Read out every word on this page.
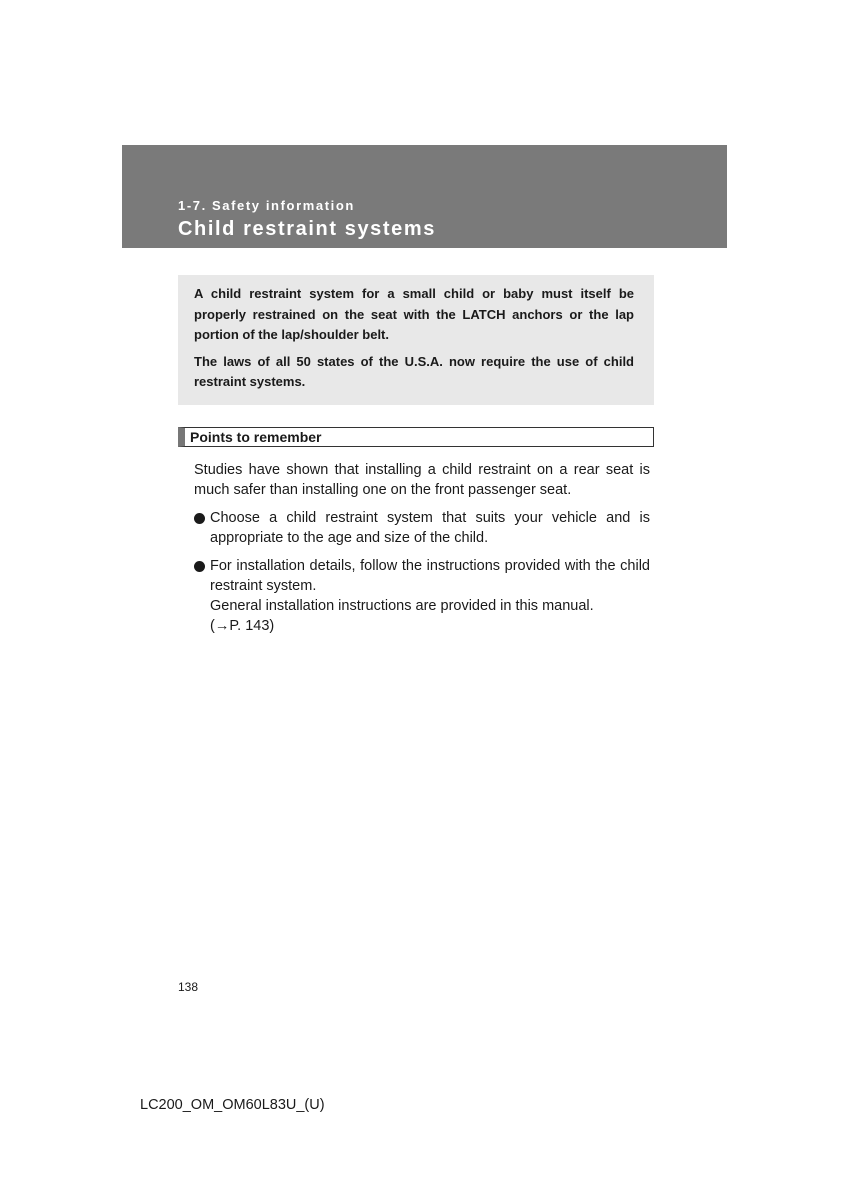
1-7. Safety information
Child restraint systems

A child restraint system for a small child or baby must itself be properly restrained on the seat with the LATCH anchors or the lap portion of the lap/shoulder belt.

The laws of all 50 states of the U.S.A. now require the use of child restraint systems.

Points to remember

Studies have shown that installing a child restraint on a rear seat is much safer than installing one on the front passenger seat.

Choose a child restraint system that suits your vehicle and is appropriate to the age and size of the child.
For installation details, follow the instructions provided with the child restraint system.
General installation instructions are provided in this manual.
(→P. 143)
138
LC200_OM_OM60L83U_(U)
